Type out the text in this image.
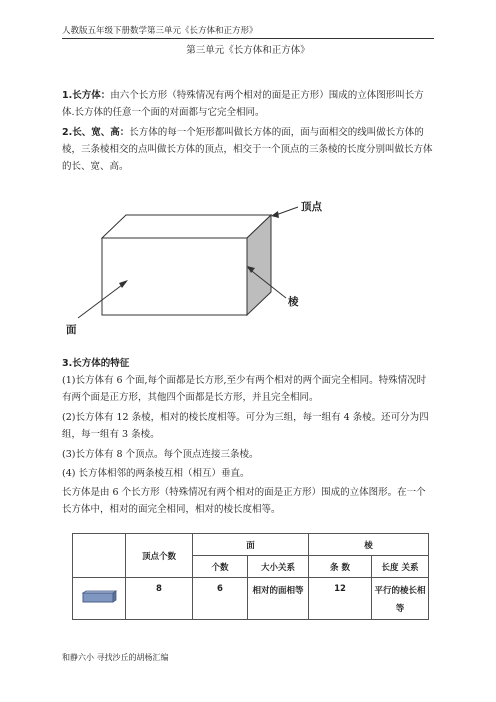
人教版五年级下册数学第三单元《长方体和正方形》
第三单元《长方体和正方体》
1.长方体：由六个长方形（特殊情况有两个相对的面是正方形）围成的立体图形叫长方体.长方体的任意一个面的对面都与它完全相同。
2.长、宽、高：长方体的每一个矩形都叫做长方体的面，面与面相交的线叫做长方体的棱，三条棱相交的点叫做长方体的顶点，相交于一个顶点的三条棱的长度分别叫做长方体的长、宽、高。
顶点
棱
面
3.长方体的特征
(1)长方体有 6 个面,每个面都是长方形,至少有两个相对的两个面完全相同。特殊情况时有两个面是正方形，其他四个面都是长方形，并且完全相同。
(2)长方体有 12 条棱，相对的棱长度相等。可分为三组，每一组有 4 条棱。还可分为四组，每一组有 3 条棱。
(3)长方体有 8 个顶点。每个顶点连接三条棱。
(4) 长方体相邻的两条棱互相（相互）垂直。
长方体是由 6 个长方形（特殊情况有两个相对的面是正方形）围成的立体图形。在一个长方体中，相对的面完全相同，相对的棱长度相等。
	顶点个数	面		棱	
		个数	大小关系	条 数	长度 关系
	8	6	相对的面相等	12	平行的棱长相等
和静六小 寻找沙丘的胡杨汇编
